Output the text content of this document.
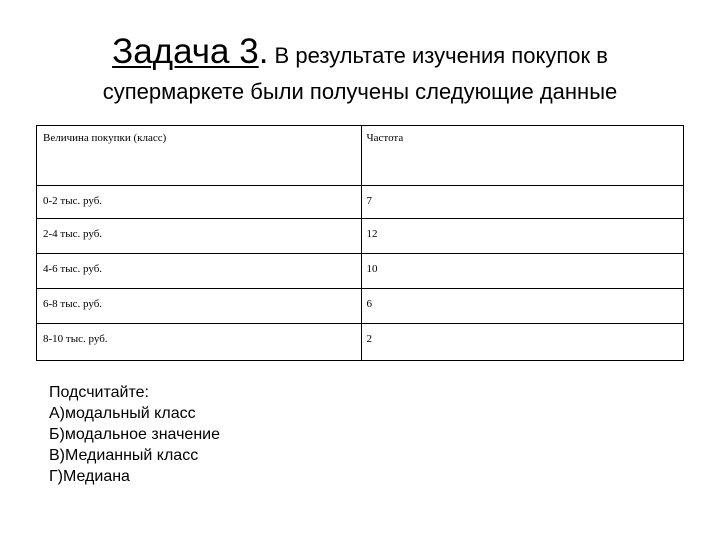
Задача 3. В результате изучения покупок в
супермаркете были получены следующие данные
Величина покупки (класс)	Частота
0-2 тыс. руб.	7
2-4 тыс. руб.	12
4-6 тыс. руб.	10
6-8 тыс. руб.	6
8-10 тыс. руб.	2
Подсчитайте:
А)модальный класс
Б)модальное значение
В)Медианный класс
Г)Медиана
